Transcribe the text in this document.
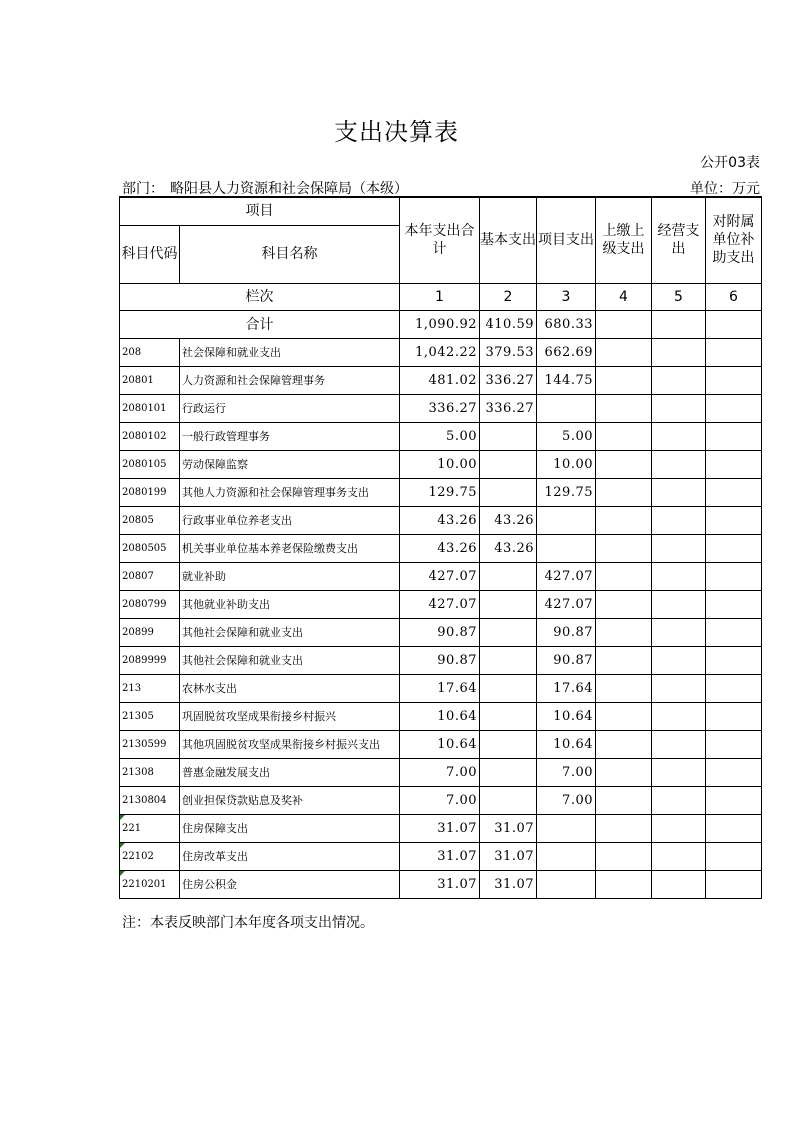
支出决算表
公开03表
部门： 略阳县人力资源和社会保障局（本级）	单位：万元
项目		本年支出合计	基本支出	项目支出	上缴上级支出	经营支出	对附属单位补助支出
科目代码	科目名称						
栏次		1	2	3	4	5	6
合计		1,090.92	410.59	680.33			
208	社会保障和就业支出	1,042.22	379.53	662.69			
20801	人力资源和社会保障管理事务	481.02	336.27	144.75			
2080101	行政运行	336.27	336.27				
2080102	一般行政管理事务	5.00		5.00			
2080105	劳动保障监察	10.00		10.00			
2080199	其他人力资源和社会保障管理事务支出	129.75		129.75			
20805	行政事业单位养老支出	43.26	43.26				
2080505	机关事业单位基本养老保险缴费支出	43.26	43.26				
20807	就业补助	427.07		427.07			
2080799	其他就业补助支出	427.07		427.07			
20899	其他社会保障和就业支出	90.87		90.87			
2089999	其他社会保障和就业支出	90.87		90.87			
213	农林水支出	17.64		17.64			
21305	巩固脱贫攻坚成果衔接乡村振兴	10.64		10.64			
2130599	其他巩固脱贫攻坚成果衔接乡村振兴支出	10.64		10.64			
21308	普惠金融发展支出	7.00		7.00			
2130804	创业担保贷款贴息及奖补	7.00		7.00			
221	住房保障支出	31.07	31.07				
22102	住房改革支出	31.07	31.07				
2210201	住房公积金	31.07	31.07				
注：本表反映部门本年度各项支出情况。
